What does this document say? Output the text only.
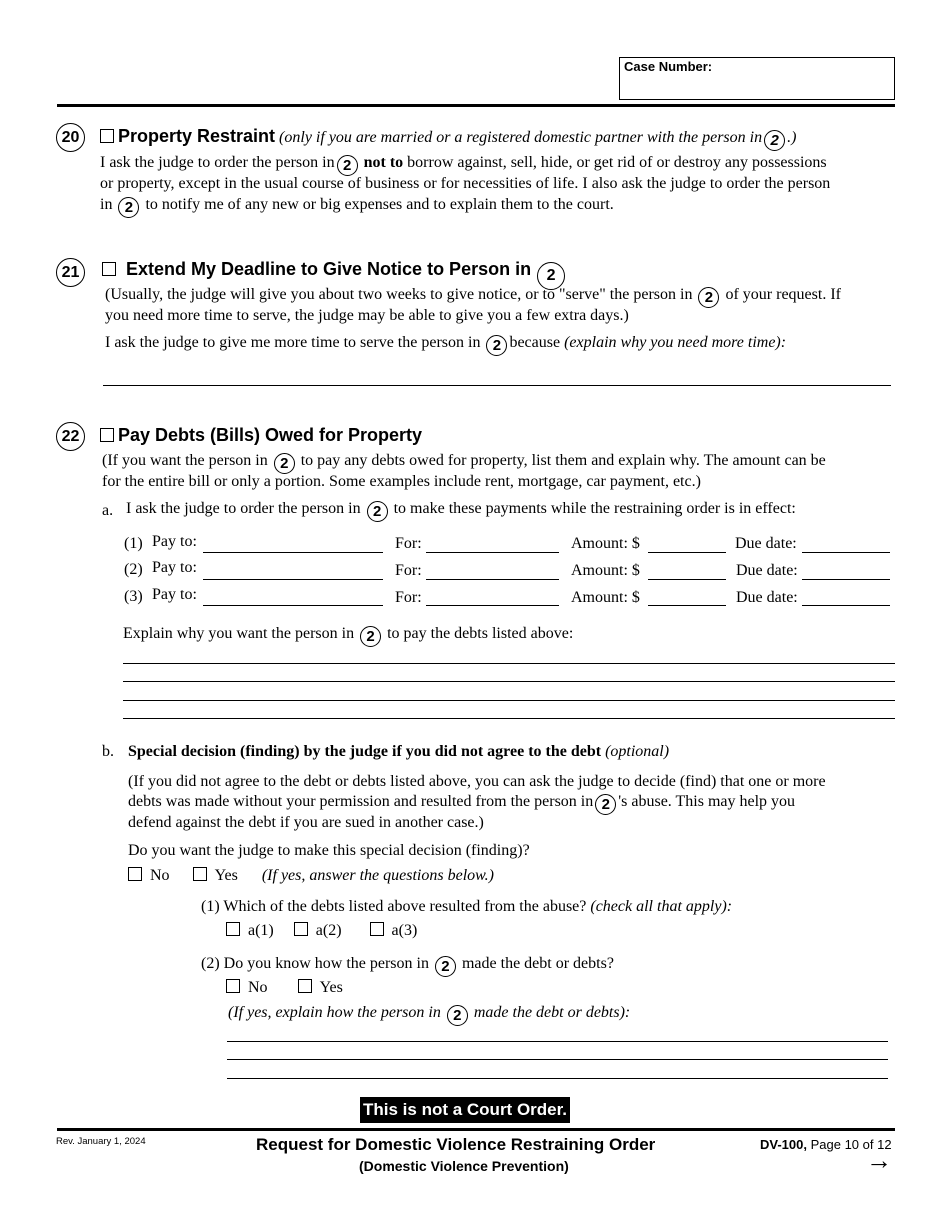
Case Number:
20	Property Restraint (only if you are married or a registered domestic partner with the person in 2 .)
I ask the judge to order the person in 2 not to borrow against, sell, hide, or get rid of or destroy any possessions
or property, except in the usual course of business or for necessities of life. I also ask the judge to order the person
in 2 to notify me of any new or big expenses and to explain them to the court.
21	Extend My Deadline to Give Notice to Person in 2
(Usually, the judge will give you about two weeks to give notice, or to "serve" the person in 2 of your request. If
you need more time to serve, the judge may be able to give you a few extra days.)
I ask the judge to give me more time to serve the person in 2 because (explain why you need more time):
22	Pay Debts (Bills) Owed for Property
(If you want the person in 2 to pay any debts owed for property, list them and explain why. The amount can be
for the entire bill or only a portion. Some examples include rent, mortgage, car payment, etc.)
a. I ask the judge to order the person in 2 to make these payments while the restraining order is in effect:
(1) Pay to:	For:	Amount: $	Due date:
(2) Pay to:	For:	Amount: $	Due date:
(3) Pay to:	For:	Amount: $	Due date:
Explain why you want the person in 2 to pay the debts listed above:
b. Special decision (finding) by the judge if you did not agree to the debt (optional)
(If you did not agree to the debt or debts listed above, you can ask the judge to decide (find) that one or more
debts was made without your permission and resulted from the person in 2 's abuse. This may help you
defend against the debt if you are sued in another case.)
Do you want the judge to make this special decision (finding)?
No	Yes (If yes, answer the questions below.)
(1) Which of the debts listed above resulted from the abuse? (check all that apply):
a(1)	a(2)	a(3)
(2) Do you know how the person in 2 made the debt or debts?
No	Yes
(If yes, explain how the person in 2 made the debt or debts):
This is not a Court Order.
Rev. January 1, 2024	Request for Domestic Violence Restraining Order
(Domestic Violence Prevention)
DV-100, Page 10 of 12
→
